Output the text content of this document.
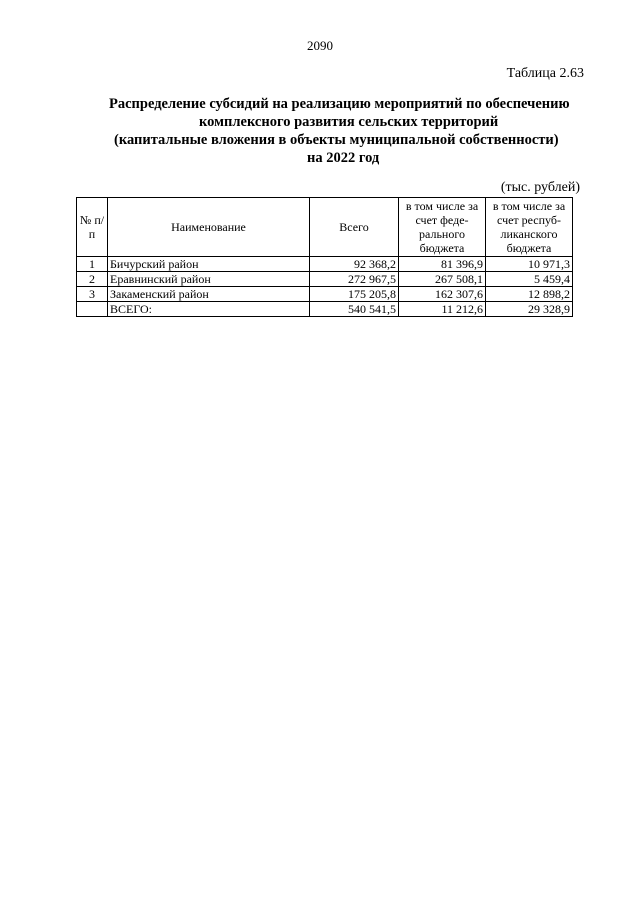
2090
Таблица 2.63
Распределение субсидий на реализацию мероприятий по обеспечению
комплексного развития сельских территорий
(капитальные вложения в объекты муниципальной собственности)
на 2022 год
(тыс. рублей)
№ п/п	Наименование	Всего	в том числе за счет феде-рального бюджета	в том числе за счет респуб-ликанского бюджета
1	Бичурский район	92 368,2	81 396,9	10 971,3
2	Еравнинский район	272 967,5	267 508,1	5 459,4
3	Закаменский район	175 205,8	162 307,6	12 898,2
	ВСЕГО:	540 541,5	11 212,6	29 328,9
